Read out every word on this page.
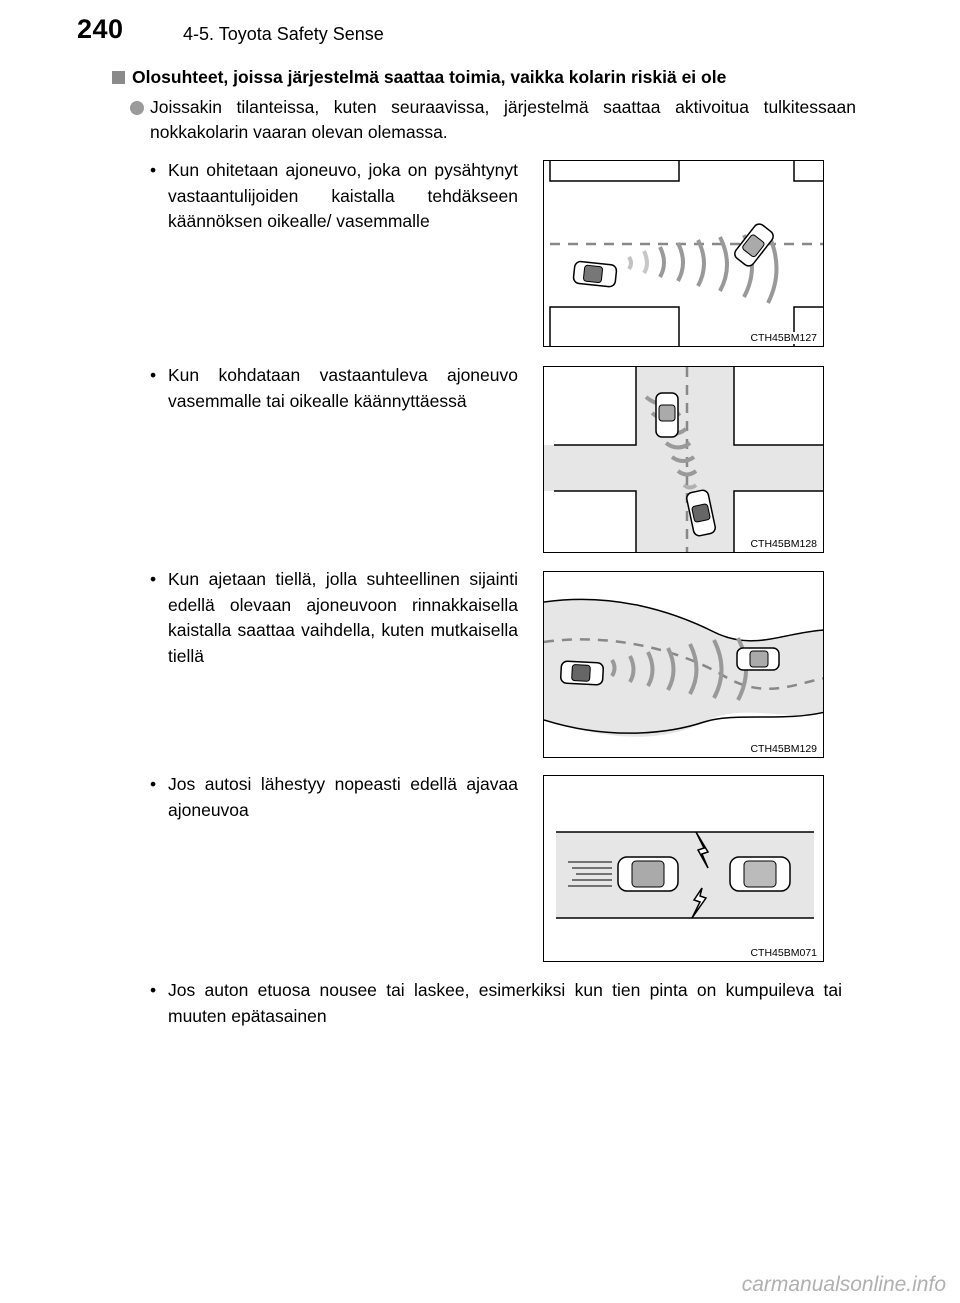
240	4-5. Toyota Safety Sense
Olosuhteet, joissa järjestelmä saattaa toimia, vaikka kolarin riskiä ei ole
Joissakin tilanteissa, kuten seuraavissa, järjestelmä saattaa aktivoitua tulkitessaan nokkakolarin vaaran olevan olemassa.
• Kun ohitetaan ajoneuvo, joka on pysähtynyt vastaantulijoiden kaistalla tehdäkseen käännöksen oikealle/ vasemmalle
• Kun kohdataan vastaantuleva ajoneuvo vasemmalle tai oikealle käännyttäessä
• Kun ajetaan tiellä, jolla suhteellinen sijainti edellä olevaan ajoneuvoon rinnakkaisella kaistalla saattaa vaihdella, kuten mutkaisella tiellä
• Jos autosi lähestyy nopeasti edellä ajavaa ajoneuvoa
• Jos auton etuosa nousee tai laskee, esimerkiksi kun tien pinta on kumpuileva tai muuten epätasainen
CTH45BM127
CTH45BM128
CTH45BM129
CTH45BM071
carmanualsonline.info
